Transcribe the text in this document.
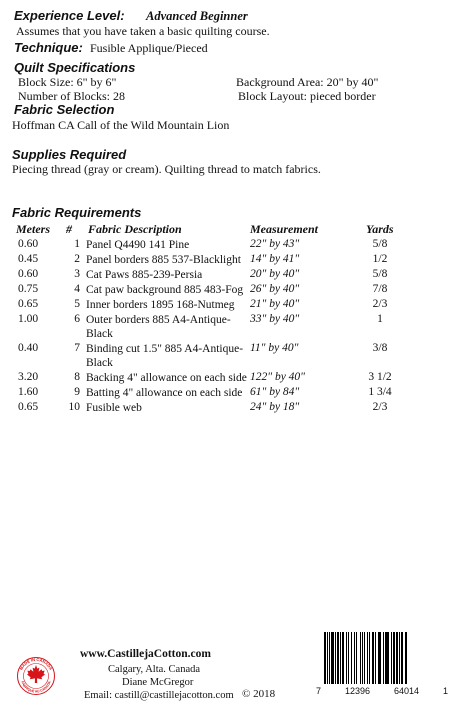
Experience Level: Advanced Beginner
Assumes that you have taken a basic quilting course.
Technique: Fusible Applique/Pieced
Quilt Specifications
Block Size: 6" by 6"
Number of Blocks: 28
Background Area: 20" by 40"
Block Layout: pieced border
Fabric Selection
Hoffman CA Call of the Wild Mountain Lion
Supplies Required
Piecing thread (gray or cream). Quilting thread to match fabrics.
Fabric Requirements
Meters # Fabric Description	Measurement	Yards
0.60	1 Panel Q4490 141 Pine	22" by 43"	5/8
0.45	2 Panel borders 885 537-Blacklight 14" by 41"	1/2
0.60	3 Cat Paws 885-239-Persia	20" by 40"	5/8
0.75	4 Cat paw background 885 483-Fog 26" by 40"	7/8
0.65	5 Inner borders 1895 168-Nutmeg	21" by 40"	2/3
1.00	6 Outer borders 885 A4-Antique-Black
33" by 40"	1
0.40	7 Binding cut 1.5" 885 A4-Antique-Black
11" by 40"	3/8
3.20	8 Backing 4" allowance on each side 122" by 40"	3 1/2
1.60	9 Batting 4" allowance on each side 61" by 84"	1 3/4
0.65	10 Fusible web	24" by 18"	2/3
MADE IN CANADA
FABRIQUÉ AU CANADA
www.CastillejaCotton.com
Calgary, Alta. Canada
Diane McGregor
Email: castill@castillejacotton.com © 2018	7	12396	64014	1
